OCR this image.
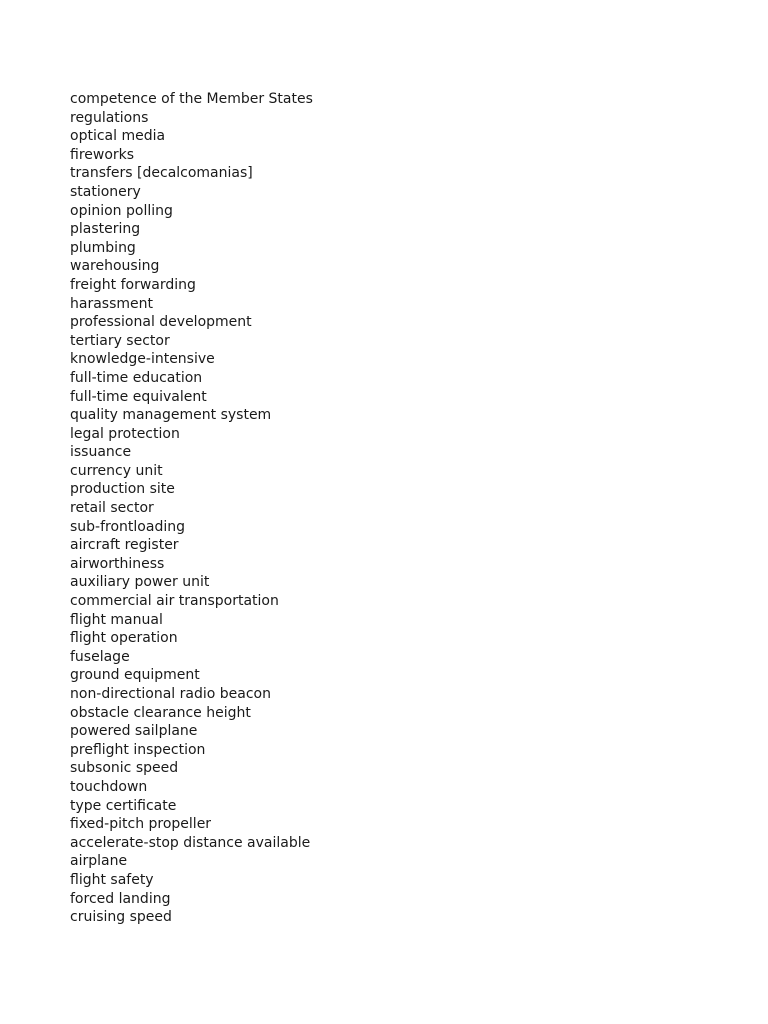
competence of the Member States
regulations
optical media
fireworks
transfers [decalcomanias]
stationery
opinion polling
plastering
plumbing
warehousing
freight forwarding
harassment
professional development
tertiary sector
knowledge-intensive
full-time education
full-time equivalent
quality management system
legal protection
issuance
currency unit
production site
retail sector
sub-frontloading
aircraft register
airworthiness
auxiliary power unit
commercial air transportation
flight manual
flight operation
fuselage
ground equipment
non-directional radio beacon
obstacle clearance height
powered sailplane
preflight inspection
subsonic speed
touchdown
type certificate
fixed-pitch propeller
accelerate-stop distance available
airplane
flight safety
forced landing
cruising speed
